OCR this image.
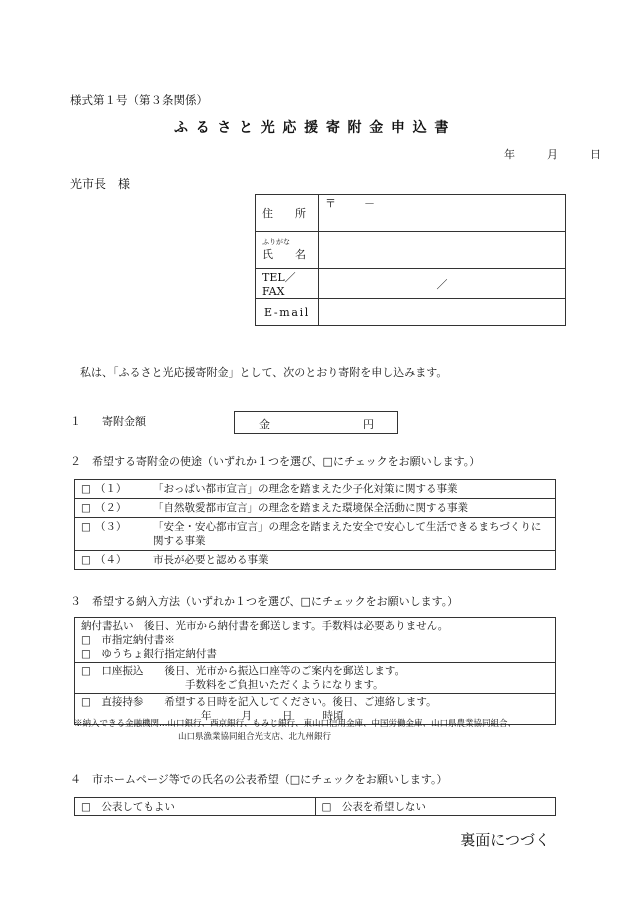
様式第１号（第３条関係）
ふるさと光応援寄附金申込書
年	月	日
光市長　様
住　　所	〒 －

ふりがな
氏　　名	
TEL／FAX	／
E-mail	
私は、「ふるさと光応援寄附金」として、次のとおり寄附を申し込みます。
１ 寄附金額	金	円
２　希望する寄附金の使途（いずれか１つを選び、□にチェックをお願いします。）
□ （１）	「おっぱい都市宣言」の理念を踏まえた少子化対策に関する事業

□ （２）	「自然敬愛都市宣言」の理念を踏まえた環境保全活動に関する事業

□ （３）	「安全・安心都市宣言」の理念を踏まえた安全で安心して生活できるまちづくりに関する事業

□ （４）	市長が必要と認める事業
３　希望する納入方法（いずれか１つを選び、□にチェックをお願いします。）
納付書払い　後日、光市から納付書を郵送します。手数料は必要ありません。
□　市指定納付書※
□　ゆうちょ銀行指定納付書

□　口座振込　　後日、光市から振込口座等のご案内を郵送します。
手数料をご負担いただくようになります。

□　直接持参　　希望する日時を記入してください。後日、ご連絡します。
年	月	日	時頃
※納入できる金融機関…山口銀行、西京銀行、もみじ銀行、東山口信用金庫、中国労働金庫、山口県農業協同組合、
山口県漁業協同組合光支店、北九州銀行
４　市ホームページ等での氏名の公表希望（□にチェックをお願いします。）
□　公表してもよい	□　公表を希望しない
裏面につづく
